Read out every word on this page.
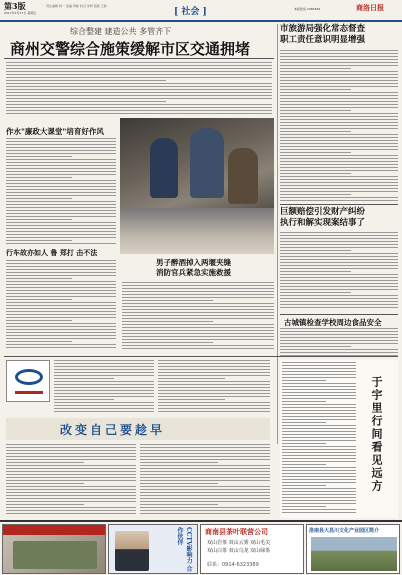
第3版
2017年2月17日 星期五
责任编辑 杨一 美编 贾峰 校对 李妍 组版 王海
[ 社会 ]	本版热线 2382819	商洛日报
综合整建 建造公共 多管齐下
商州交警综合施策缓解市区交通拥堵
市旅游局强化常态督查
职工责任意识明显增强
作水"廉政大课堂"培育好作风
行车故亦如人 鲁 郑打 击不法
男子醉酒掉入两堰夹缝
消防官兵紧急实施救援
巨额赔偿引发财产纠纷
执行和解实现案结事了
古城镇检查学校周边食品安全
改变自己要趁早	于宇里行间看见远方
CCTV影响力 合作伙伴	商南县茶叶联营公司
双山岩茶 双山云雾 双山毛尖
双山白茶 双山乌龙 双山绿茶
联系：0914-6323389
洛南县大昌川文化产业园区简介
